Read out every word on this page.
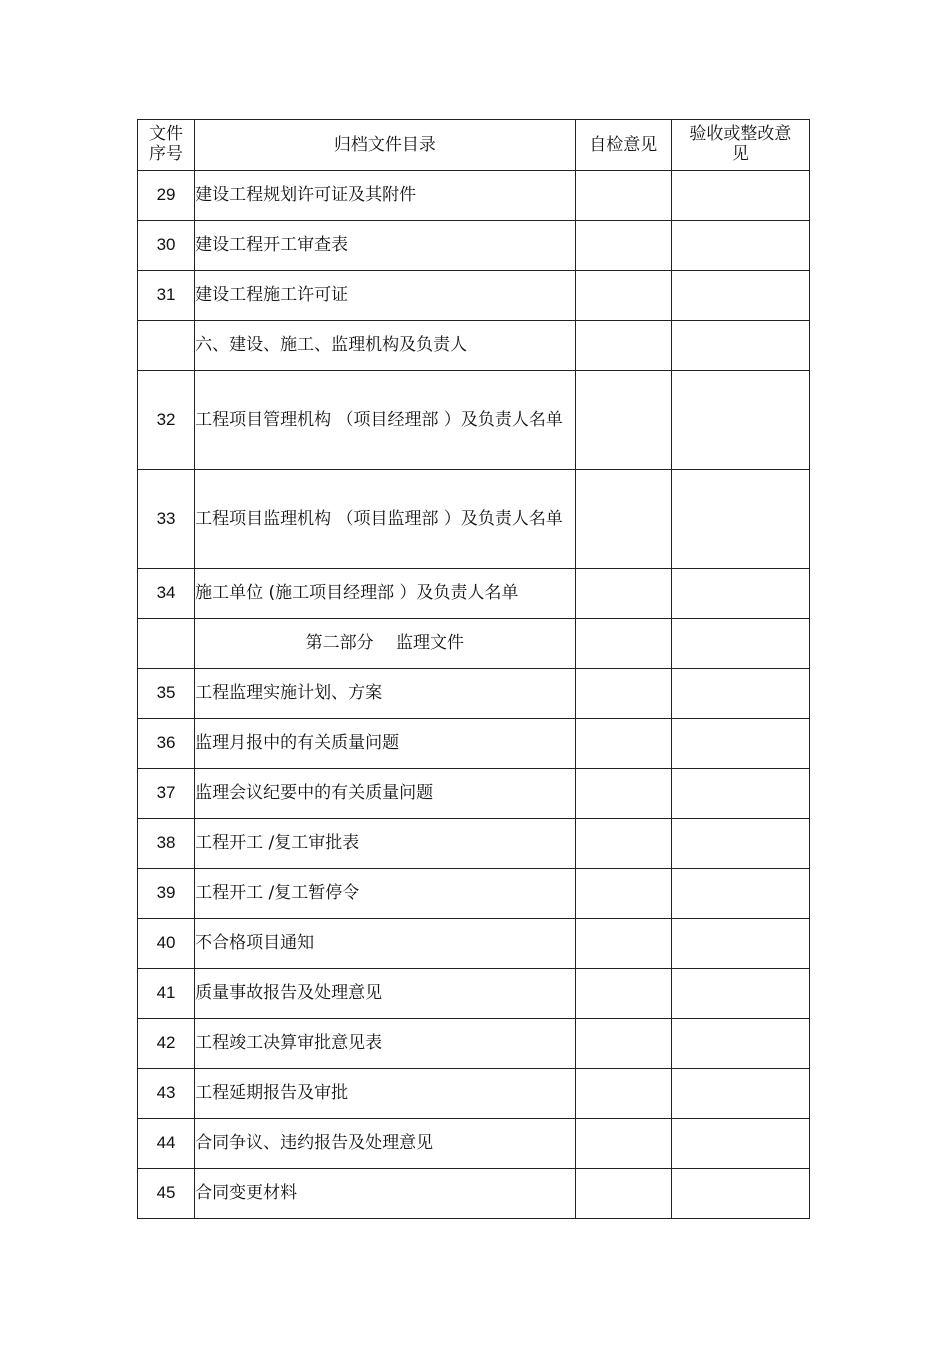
文件序号	归档文件目录	自检意见	验收或整改意见

29	建设工程规划许可证及其附件		
30	建设工程开工审查表		
31	建设工程施工许可证		
	六、建设、施工、监理机构及负责人		
32	工程项目管理机构 （项目经理部 ）及负责人名单		
33	工程项目监理机构 （项目监理部 ）及负责人名单		
34	施工单位 (施工项目经理部 ）及负责人名单		
	第二部分　 监理文件		
35	工程监理实施计划、方案		
36	监理月报中的有关质量问题		
37	监理会议纪要中的有关质量问题		
38	工程开工 /复工审批表		
39	工程开工 /复工暂停令		
40	不合格项目通知		
41	质量事故报告及处理意见		
42	工程竣工决算审批意见表		
43	工程延期报告及审批		
44	合同争议、违约报告及处理意见		
45	合同变更材料		
